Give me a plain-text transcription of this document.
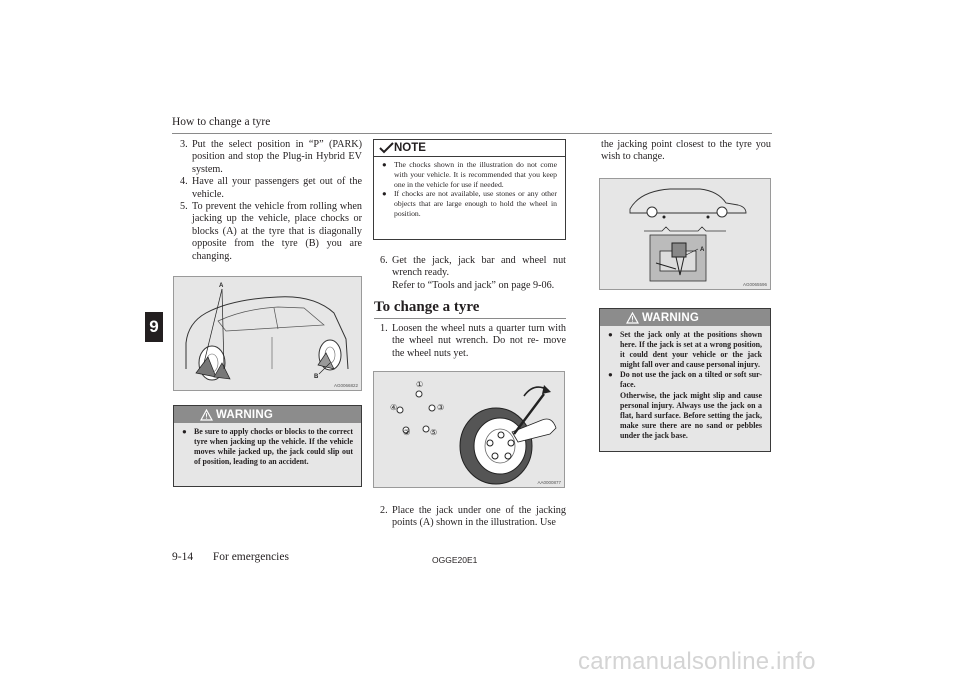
How to change a tyre
9
3. Put the select position in “P” (PARK) position and stop the Plug-in Hybrid EV system.
4. Have all your passengers get out of the vehicle.
5. To prevent the vehicle from rolling when jacking up the vehicle, place chocks or blocks (A) at the tyre that is diagonally opposite from the tyre (B) you are changing.
A
B
AG0066822
WARNING
● Be sure to apply chocks or blocks to the correct tyre when jacking up the vehicle. If the vehicle moves while jacked up, the jack could slip out of position, leading to an accident.
NOTE
● The chocks shown in the illustration do not come with your vehicle. It is recommended that you keep one in the vehicle for use if needed.
● If chocks are not available, use stones or any other objects that are large enough to hold the wheel in position.
6. Get the jack, jack bar and wheel nut wrench ready.
Refer to “Tools and jack” on page 9-06.
To change a tyre
1. Loosen the wheel nuts a quarter turn with the wheel nut wrench. Do not re- move the wheel nuts yet.
①
②
③
④
⑤
AA0000877
2. Place the jack under one of the jacking points (A) shown in the illustration. Use
the jacking point closest to the tyre you wish to change.
A
AG0065596
WARNING
● Set the jack only at the positions shown here. If the jack is set at a wrong position, it could dent your vehicle or the jack might fall over and cause personal injury.
● Do not use the jack on a tilted or soft sur- face.
Otherwise, the jack might slip and cause personal injury. Always use the jack on a flat, hard surface. Before setting the jack, make sure there are no sand or pebbles under the jack base.
9-14 For emergencies	OGGE20E1
carmanualsonline.info
